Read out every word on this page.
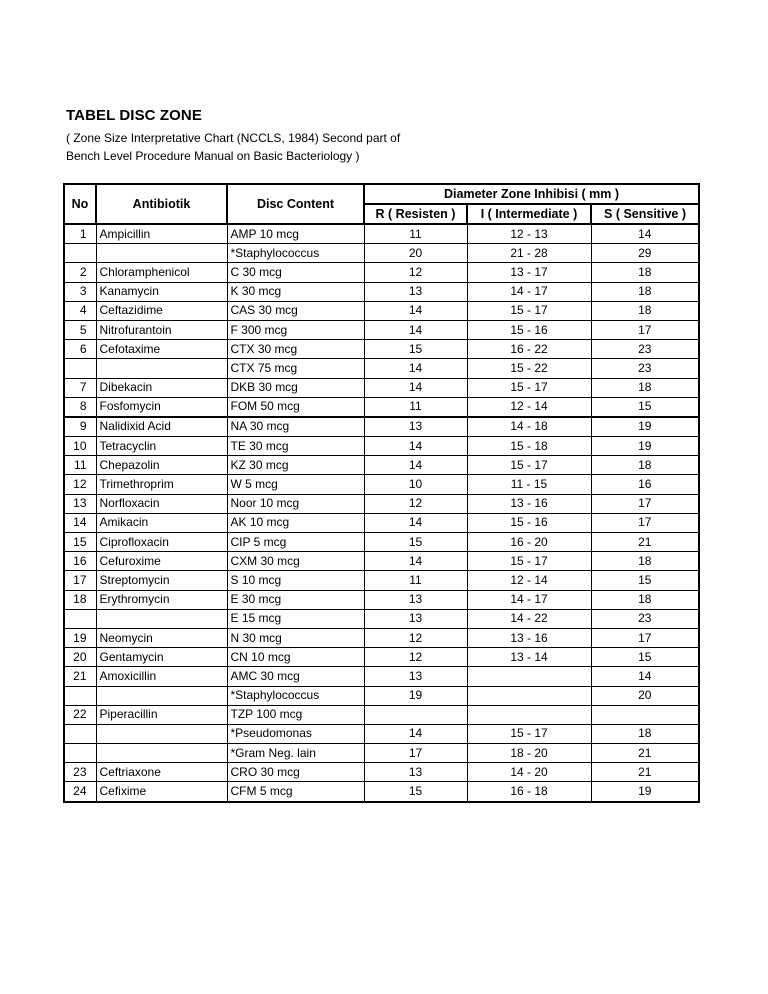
TABEL DISC ZONE
( Zone Size Interpretative Chart (NCCLS, 1984) Second part of
Bench Level Procedure Manual on Basic Bacteriology )
No	Antibiotik	Disc Content	Diameter Zone Inhibisi ( mm )		
			R ( Resisten )	I ( Intermediate )	S ( Sensitive )
1	Ampicillin	AMP 10 mcg	11	12 - 13	14
		*Staphylococcus	20	21 - 28	29
2	Chloramphenicol	C 30 mcg	12	13 - 17	18
3	Kanamycin	K 30 mcg	13	14 - 17	18
4	Ceftazidime	CAS 30 mcg	14	15 - 17	18
5	Nitrofurantoin	F 300 mcg	14	15 - 16	17
6	Cefotaxime	CTX 30 mcg	15	16 - 22	23
		CTX 75 mcg	14	15 - 22	23
7	Dibekacin	DKB 30 mcg	14	15 - 17	18
8	Fosfomycin	FOM 50 mcg	11	12 - 14	15
9	Nalidixid Acid	NA 30 mcg	13	14 - 18	19
10	Tetracyclin	TE 30 mcg	14	15 - 18	19
11	Chepazolin	KZ 30 mcg	14	15 - 17	18
12	Trimethroprim	W 5 mcg	10	11 - 15	16
13	Norfloxacin	Noor 10 mcg	12	13 - 16	17
14	Amikacin	AK 10 mcg	14	15 - 16	17
15	Ciprofloxacin	CIP 5 mcg	15	16 - 20	21
16	Cefuroxime	CXM 30 mcg	14	15 - 17	18
17	Streptomycin	S 10 mcg	11	12 - 14	15
18	Erythromycin	E 30 mcg	13	14 - 17	18
		E 15 mcg	13	14 - 22	23
19	Neomycin	N 30 mcg	12	13 - 16	17
20	Gentamycin	CN 10 mcg	12	13 - 14	15
21	Amoxicillin	AMC 30 mcg	13		14
		*Staphylococcus	19		20
22	Piperacillin	TZP 100 mcg			
		*Pseudomonas	14	15 - 17	18
		*Gram Neg. lain	17	18 - 20	21
23	Ceftriaxone	CRO 30 mcg	13	14 - 20	21
24	Cefixime	CFM 5 mcg	15	16 - 18	19
